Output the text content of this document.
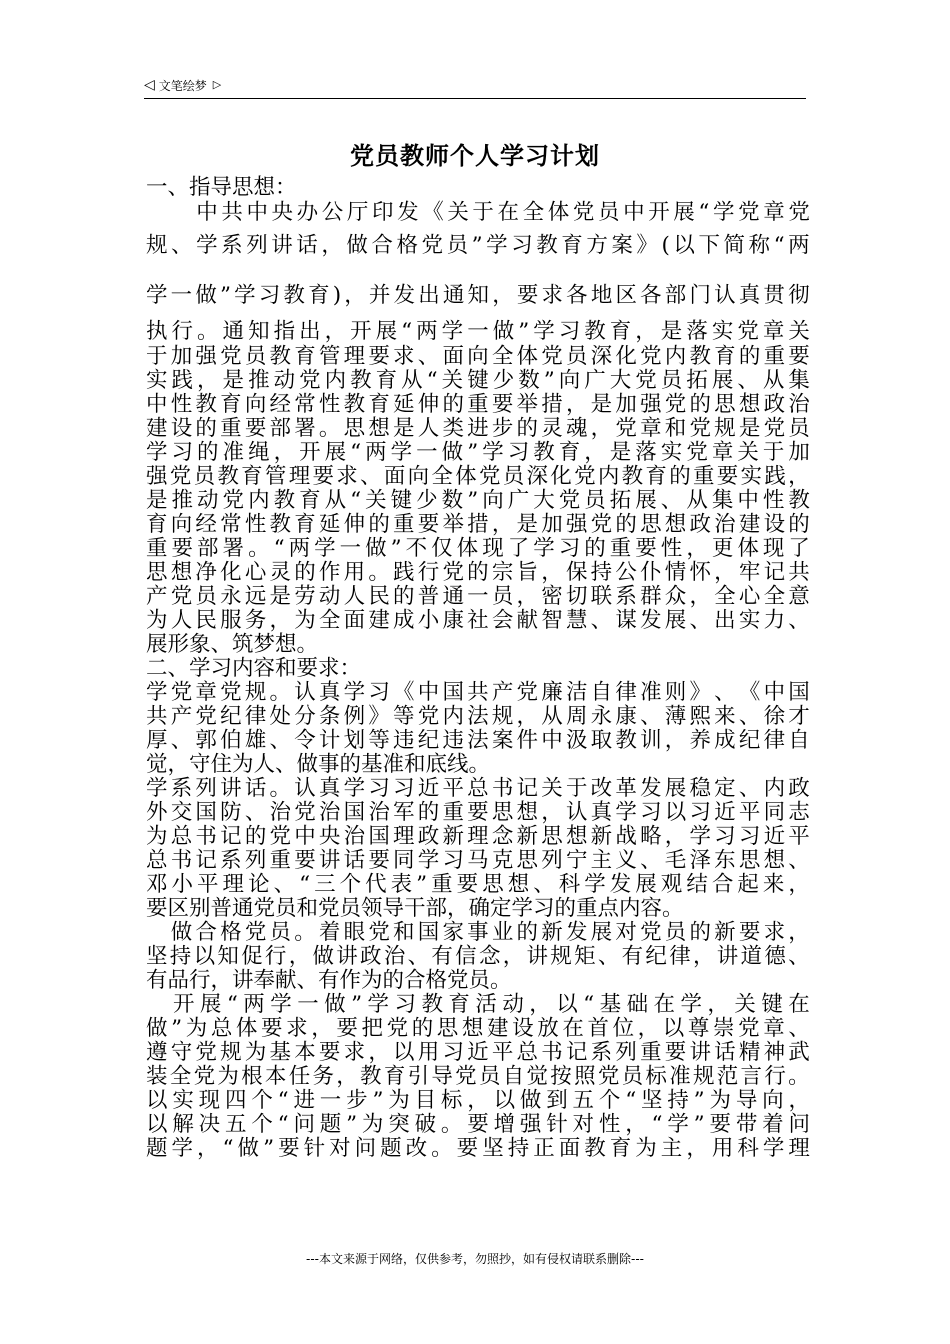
◁ 文笔绘梦 ▷
党员教师个人学习计划
一、指导思想：

中 共 中 央 办 公 厅 印 发 《 关 于 在 全 体 党 员 中 开 展 “ 学 党 章 党
规 、 学 系 列 讲 话 ， 做 合 格 党 员 ” 学 习 教 育 方 案 》 ( 以 下 简 称 “ 两
学 一 做 ” 学 习 教 育 ) ， 并 发 出 通 知 ， 要 求 各 地 区 各 部 门 认 真 贯 彻
执 行 。 通 知 指 出 ， 开 展 “ 两 学 一 做 ” 学 习 教 育 ， 是 落 实 党 章 关
于 加 强 党 员 教 育 管 理 要 求 、 面 向 全 体 党 员 深 化 党 内 教 育 的 重 要
实 践 ， 是 推 动 党 内 教 育 从 “ 关 键 少 数 ” 向 广 大 党 员 拓 展 、 从 集
中 性 教 育 向 经 常 性 教 育 延 伸 的 重 要 举 措 ， 是 加 强 党 的 思 想 政 治
建 设 的 重 要 部 署 。 思 想 是 人 类 进 步 的 灵 魂 ， 党 章 和 党 规 是 党 员
学 习 的 准 绳 ， 开 展 “ 两 学 一 做 ” 学 习 教 育 ， 是 落 实 党 章 关 于 加
强 党 员 教 育 管 理 要 求 、 面 向 全 体 党 员 深 化 党 内 教 育 的 重 要 实 践 ，
是 推 动 党 内 教 育 从 “ 关 键 少 数 ” 向 广 大 党 员 拓 展 、 从 集 中 性 教
育 向 经 常 性 教 育 延 伸 的 重 要 举 措 ， 是 加 强 党 的 思 想 政 治 建 设 的
重 要 部 署 。 “ 两 学 一 做 ” 不 仅 体 现 了 学 习 的 重 要 性 ， 更 体 现 了
思 想 净 化 心 灵 的 作 用 。 践 行 党 的 宗 旨 ， 保 持 公 仆 情 怀 ， 牢 记 共
产 党 员 永 远 是 劳 动 人 民 的 普 通 一 员 ， 密 切 联 系 群 众 ， 全 心 全 意
为 人 民 服 务 ， 为 全 面 建 成 小 康 社 会 献 智 慧 、 谋 发 展 、 出 实 力 、
展形象、筑梦想。
二、学习内容和要求：
学 党 章 党 规 。 认 真 学 习 《 中 国 共 产 党 廉 洁 自 律 准 则 》 、 《 中 国
共 产 党 纪 律 处 分 条 例 》 等 党 内 法 规 ， 从 周 永 康 、 薄 熙 来 、 徐 才
厚 、 郭 伯 雄 、 令 计 划 等 违 纪 违 法 案 件 中 汲 取 教 训 ， 养 成 纪 律 自
觉，守住为人、做事的基准和底线。
学 系 列 讲 话 。 认 真 学 习 习 近 平 总 书 记 关 于 改 革 发 展 稳 定 、 内 政
外 交 国 防 、 治 党 治 国 治 军 的 重 要 思 想 ， 认 真 学 习 以 习 近 平 同 志
为 总 书 记 的 党 中 央 治 国 理 政 新 理 念 新 思 想 新 战 略 ， 学 习 习 近 平
总 书 记 系 列 重 要 讲 话 要 同 学 习 马 克 思 列 宁 主 义 、 毛 泽 东 思 想 、
邓 小 平 理 论 、 “ 三 个 代 表 ” 重 要 思 想 、 科 学 发 展 观 结 合 起 来 ，
要区别普通党员和党员领导干部，确定学习的重点内容。

做 合 格 党 员 。 着 眼 党 和 国 家 事 业 的 新 发 展 对 党 员 的 新 要 求 ，
坚 持 以 知 促 行 ， 做 讲 政 治 、 有 信 念 ， 讲 规 矩 、 有 纪 律 ， 讲 道 德 、
有品行，讲奉献、有作为的合格党员。

开 展 “ 两 学 一 做 ” 学 习 教 育 活 动 ， 以 “ 基 础 在 学 ， 关 键 在
做 ” 为 总 体 要 求 ， 要 把 党 的 思 想 建 设 放 在 首 位 ， 以 尊 崇 党 章 、
遵 守 党 规 为 基 本 要 求 ， 以 用 习 近 平 总 书 记 系 列 重 要 讲 话 精 神 武
装 全 党 为 根 本 任 务 ， 教 育 引 导 党 员 自 觉 按 照 党 员 标 准 规 范 言 行 。
以 实 现 四 个 “ 进 一 步 ” 为 目 标 ， 以 做 到 五 个 “ 坚 持 ” 为 导 向 ，
以 解 决 五 个 “ 问 题 ” 为 突 破 。 要 增 强 针 对 性 ， “ 学 ” 要 带 着 问
题 学 ， “ 做 ” 要 针 对 问 题 改 。 要 坚 持 正 面 教 育 为 主 ， 用 科 学 理
---本文来源于网络，仅供参考，勿照抄，如有侵权请联系删除---
